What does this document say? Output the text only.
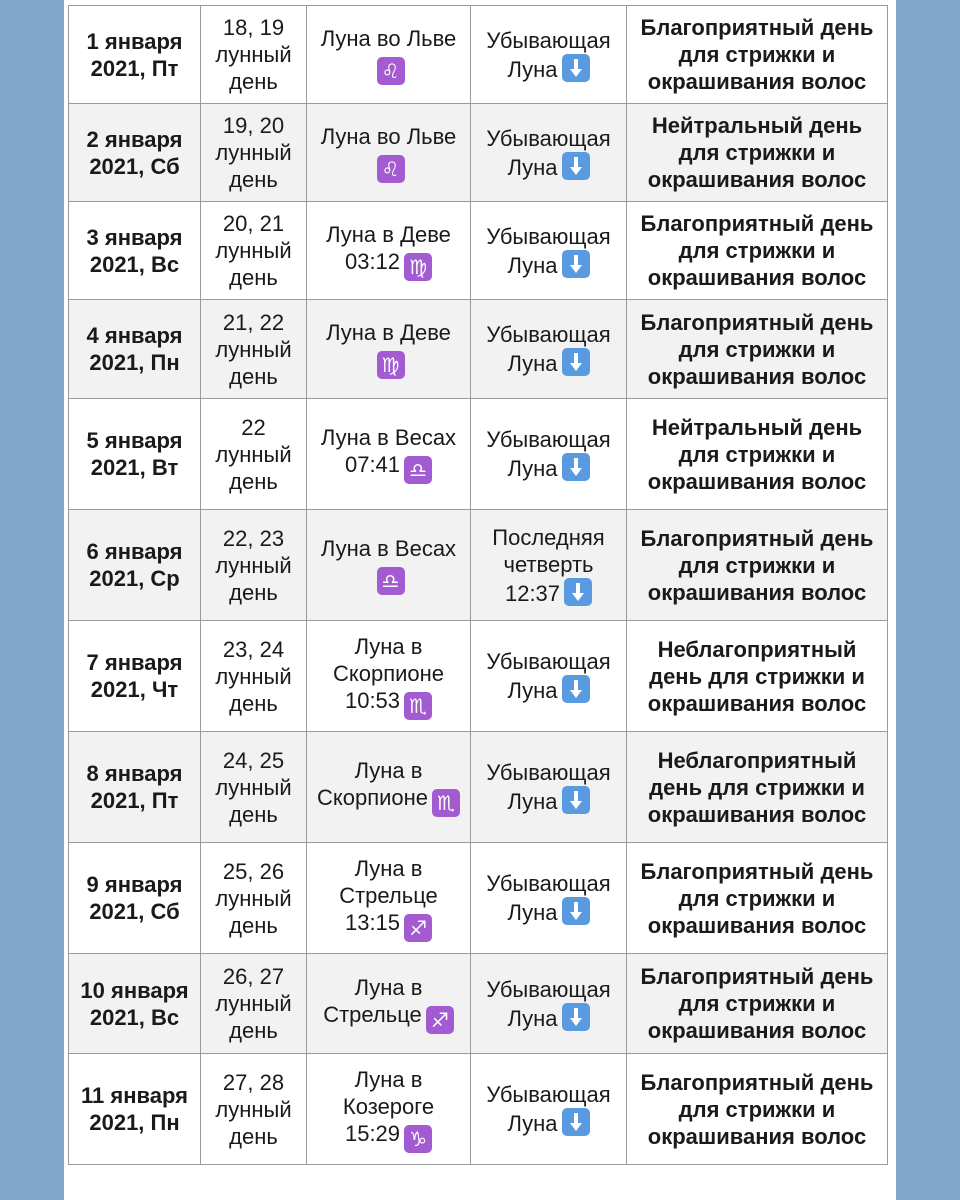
1 января 2021, Пт	18, 19 лунный день	Луна во Льве♌	Убывающая Луна	Благоприятный день для стрижки и окрашивания волос
2 января 2021, Сб	19, 20 лунный день	Луна во Льве♌	Убывающая Луна	Нейтральный день для стрижки и окрашивания волос
3 января 2021, Вс	20, 21 лунный день	Луна в Деве 03:12 ♍	Убывающая Луна	Благоприятный день для стрижки и окрашивания волос
4 января 2021, Пн	21, 22 лунный день	Луна в Деве♍	Убывающая Луна	Благоприятный день для стрижки и окрашивания волос
5 января 2021, Вт	22 лунный день	Луна в Весах 07:41 ♎	Убывающая Луна	Нейтральный день для стрижки и окрашивания волос
6 января 2021, Ср	22, 23 лунный день	Луна в Весах♎	Последняя четверть 12:37	Благоприятный день для стрижки и окрашивания волос
7 января 2021, Чт	23, 24 лунный день	Луна в Скорпионе 10:53 ♏	Убывающая Луна	Неблагоприятный день для стрижки и окрашивания волос
8 января 2021, Пт	24, 25 лунный день	Луна в Скорпионе ♏	Убывающая Луна	Неблагоприятный день для стрижки и окрашивания волос
9 января 2021, Сб	25, 26 лунный день	Луна в Стрельце 13:15 ♐	Убывающая Луна	Благоприятный день для стрижки и окрашивания волос
10 января 2021, Вс	26, 27 лунный день	Луна в Стрельце ♐	Убывающая Луна	Благоприятный день для стрижки и окрашивания волос
11 января 2021, Пн	27, 28 лунный день	Луна в Козероге 15:29 ♑	Убывающая Луна	Благоприятный день для стрижки и окрашивания волос
